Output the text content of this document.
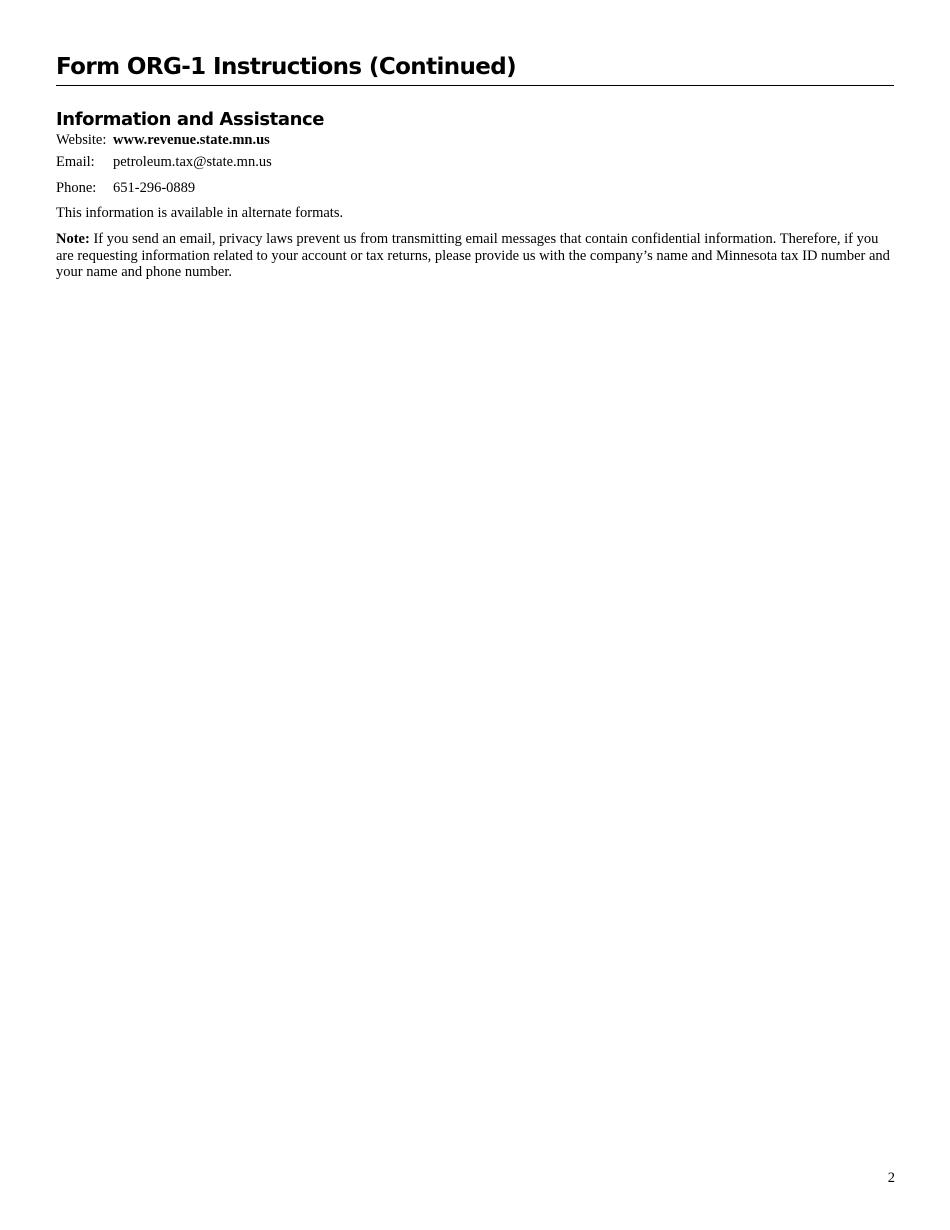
Form ORG-1 Instructions (Continued)
Information and Assistance
Website: www.revenue.state.mn.us
Email: petroleum.tax@state.mn.us
Phone: 651-296-0889

This information is available in alternate formats.

Note: If you send an email, privacy laws prevent us from transmitting email messages that contain confidential information. Therefore, if you are requesting information related to your account or tax returns, please provide us with the company’s name and Minnesota tax ID number and your name and phone number.

2
